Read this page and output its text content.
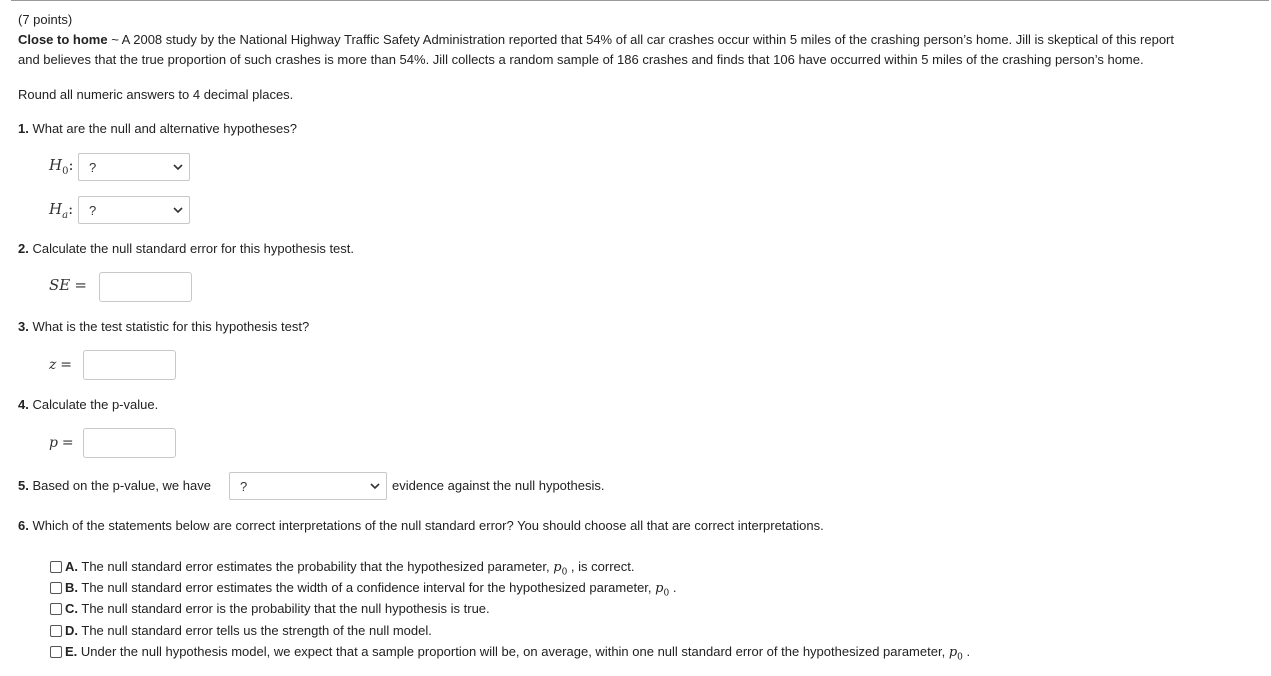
(7 points)
Close to home ~ A 2008 study by the National Highway Traffic Safety Administration reported that 54% of all car crashes occur within 5 miles of the crashing person’s home. Jill is skeptical of this report
and believes that the true proportion of such crashes is more than 54%. Jill collects a random sample of 186 crashes and finds that 106 have occurred within 5 miles of the crashing person’s home.
Round all numeric answers to 4 decimal places.
1. What are the null and alternative hypotheses?
$H_0$:	?
$H_a$:	?
2. Calculate the null standard error for this hypothesis test.
SE =
3. What is the test statistic for this hypothesis test?
z =
4. Calculate the p-value.
p =
5. Based on the p-value, we have	?	evidence against the null hypothesis.
6. Which of the statements below are correct interpretations of the null standard error? You should choose all that are correct interpretations.
A. The null standard error estimates the probability that the hypothesized parameter, $p_0$ , is correct.
B. The null standard error estimates the width of a confidence interval for the hypothesized parameter, $p_0$ .
C. The null standard error is the probability that the null hypothesis is true.
D. The null standard error tells us the strength of the null model.
E. Under the null hypothesis model, we expect that a sample proportion will be, on average, within one null standard error of the hypothesized parameter, $p_0$ .
